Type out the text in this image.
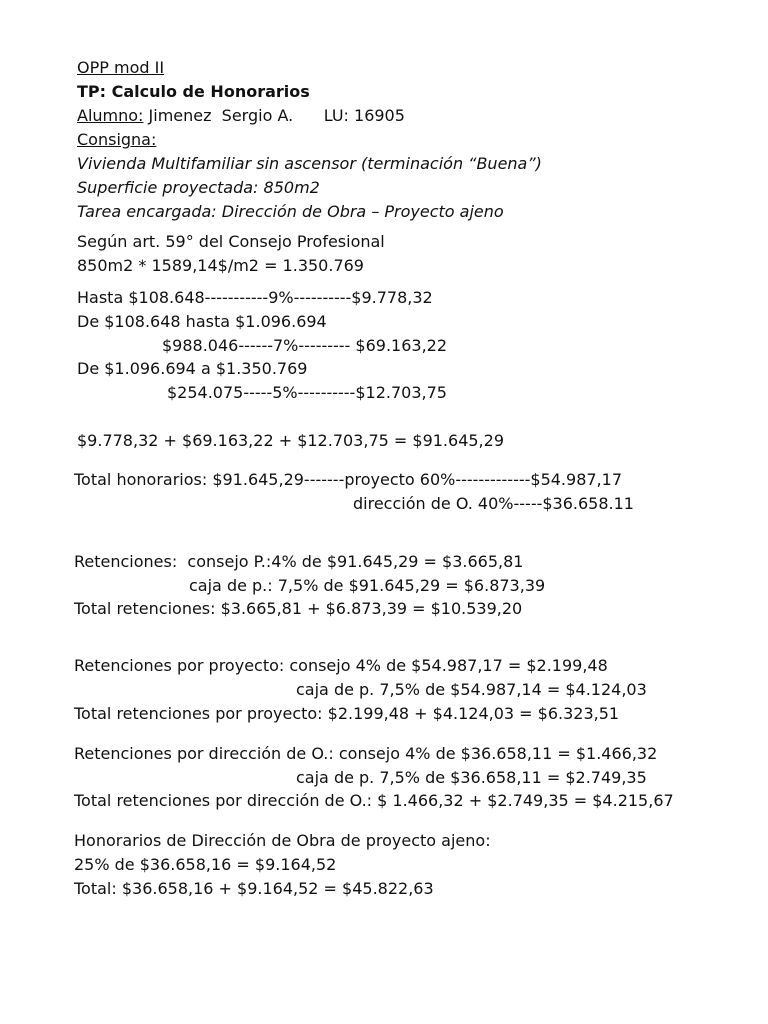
OPP mod II
TP: Calculo de Honorarios
Alumno: Jimenez  Sergio A.      LU: 16905
Consigna:
Vivienda Multifamiliar sin ascensor (terminación “Buena”)
Superficie proyectada: 850m2
Tarea encargada: Dirección de Obra – Proyecto ajeno
Según art. 59° del Consejo Profesional
850m2 * 1589,14$/m2 = 1.350.769
Hasta $108.648-----------9%----------$9.778,32
De $108.648 hasta $1.096.694
$988.046------7%--------- $69.163,22
De $1.096.694 a $1.350.769
$254.075-----5%----------$12.703,75
$9.778,32 + $69.163,22 + $12.703,75 = $91.645,29
Total honorarios: $91.645,29-------proyecto 60%-------------$54.987,17
dirección de O. 40%-----$36.658.11
Retenciones:  consejo P.:4% de $91.645,29 = $3.665,81
caja de p.: 7,5% de $91.645,29 = $6.873,39
Total retenciones: $3.665,81 + $6.873,39 = $10.539,20
Retenciones por proyecto: consejo 4% de $54.987,17 = $2.199,48
caja de p. 7,5% de $54.987,14 = $4.124,03
Total retenciones por proyecto: $2.199,48 + $4.124,03 = $6.323,51
Retenciones por dirección de O.: consejo 4% de $36.658,11 = $1.466,32
caja de p. 7,5% de $36.658,11 = $2.749,35
Total retenciones por dirección de O.: $ 1.466,32 + $2.749,35 = $4.215,67
Honorarios de Dirección de Obra de proyecto ajeno:
25% de $36.658,16 = $9.164,52
Total: $36.658,16 + $9.164,52 = $45.822,63
